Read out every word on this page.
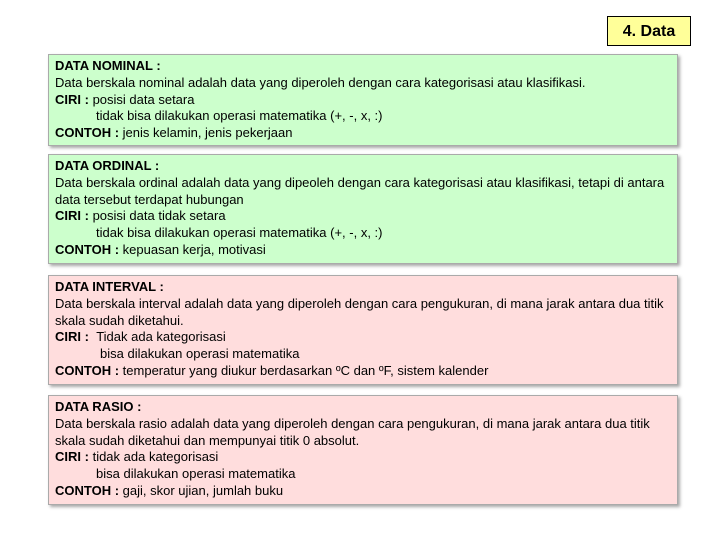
4. Data
DATA NOMINAL :
Data berskala nominal adalah data yang diperoleh dengan cara kategorisasi atau klasifikasi.
CIRI : posisi data setara
tidak bisa dilakukan operasi matematika (+, -, x, :)
CONTOH : jenis kelamin, jenis pekerjaan
DATA ORDINAL :
Data berskala ordinal adalah data yang dipeoleh dengan cara kategorisasi atau klasifikasi, tetapi di antara data tersebut terdapat hubungan
CIRI : posisi data tidak setara
tidak bisa dilakukan operasi matematika (+, -, x, :)
CONTOH : kepuasan kerja, motivasi
DATA INTERVAL :
Data berskala interval adalah data yang diperoleh dengan cara pengukuran, di mana jarak antara dua titik skala sudah diketahui.
CIRI : Tidak ada kategorisasi
bisa dilakukan operasi matematika
CONTOH : temperatur yang diukur berdasarkan ºC dan ºF, sistem kalender
DATA RASIO :
Data berskala rasio adalah data yang diperoleh dengan cara pengukuran, di mana jarak antara dua titik skala sudah diketahui dan mempunyai titik 0 absolut.
CIRI : tidak ada kategorisasi
bisa dilakukan operasi matematika
CONTOH : gaji, skor ujian, jumlah buku
